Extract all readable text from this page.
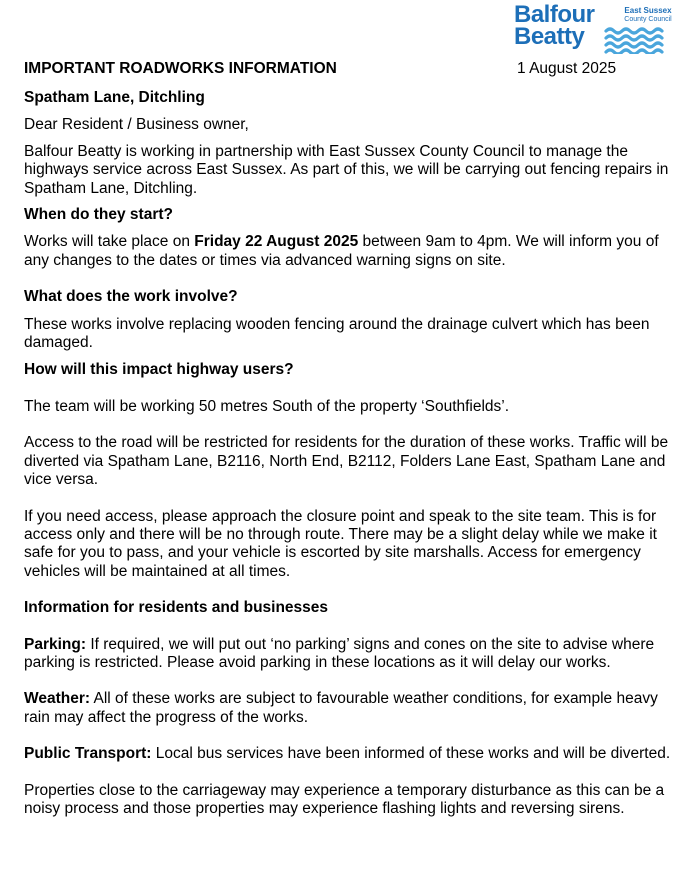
Balfour
Beatty
East Sussex
County Council
IMPORTANT ROADWORKS INFORMATION	1 August 2025

Spatham Lane, Ditchling

Dear Resident / Business owner,

Balfour Beatty is working in partnership with East Sussex County Council to manage the highways service across East Sussex. As part of this, we will be carrying out fencing repairs in Spatham Lane, Ditchling.

When do they start?

Works will take place on Friday 22 August 2025 between 9am to 4pm. We will inform you of any changes to the dates or times via advanced warning signs on site.

What does the work involve?

These works involve replacing wooden fencing around the drainage culvert which has been damaged.

How will this impact highway users?

The team will be working 50 metres South of the property ‘Southfields’.

Access to the road will be restricted for residents for the duration of these works. Traffic will be diverted via Spatham Lane, B2116, North End, B2112, Folders Lane East, Spatham Lane and vice versa.

If you need access, please approach the closure point and speak to the site team. This is for access only and there will be no through route. There may be a slight delay while we make it safe for you to pass, and your vehicle is escorted by site marshalls. Access for emergency vehicles will be maintained at all times.

Information for residents and businesses

Parking: If required, we will put out ‘no parking’ signs and cones on the site to advise where parking is restricted. Please avoid parking in these locations as it will delay our works.

Weather: All of these works are subject to favourable weather conditions, for example heavy rain may affect the progress of the works.

Public Transport: Local bus services have been informed of these works and will be diverted.

Properties close to the carriageway may experience a temporary disturbance as this can be a noisy process and those properties may experience flashing lights and reversing sirens.
